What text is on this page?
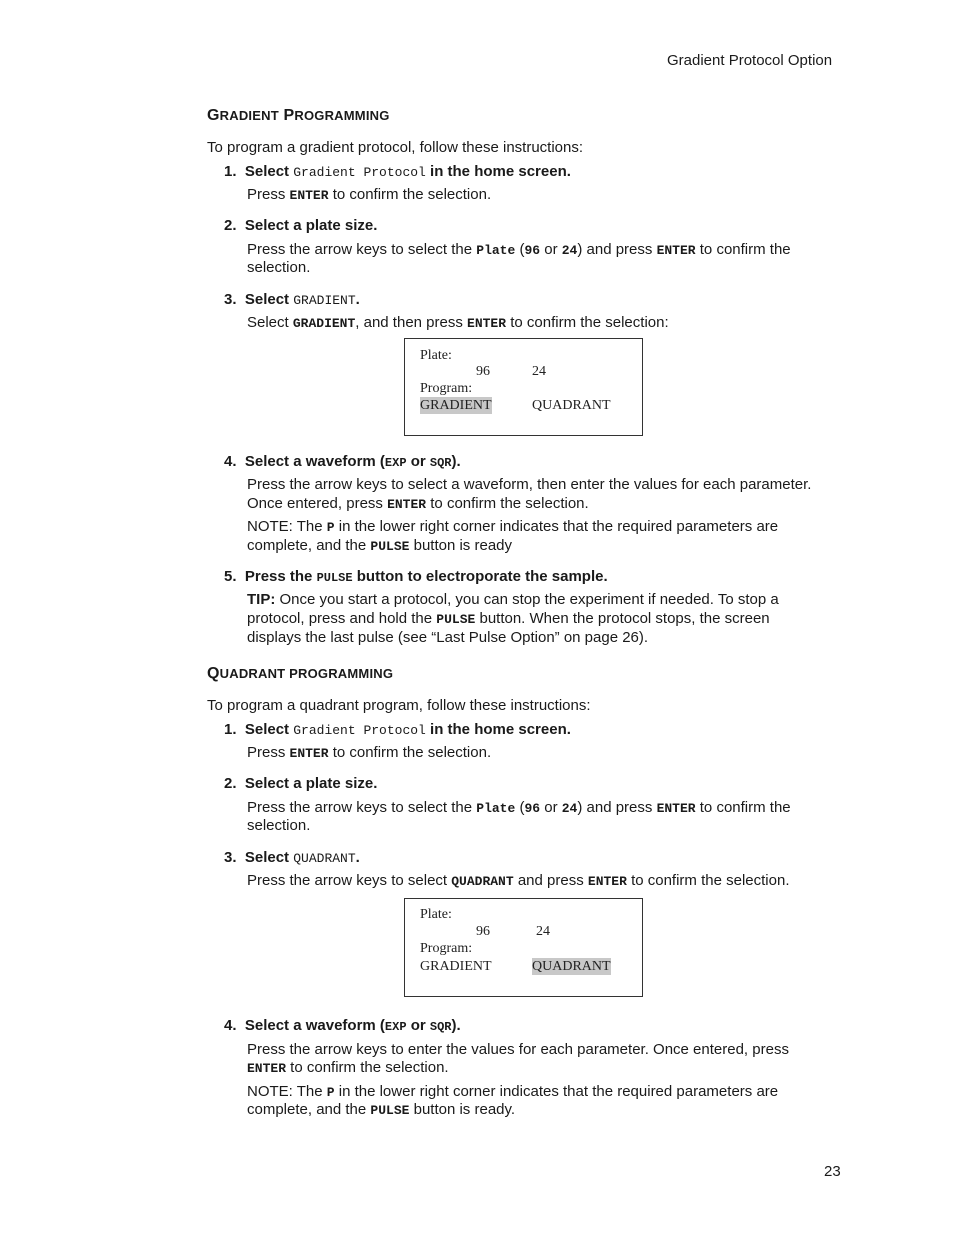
Gradient Protocol Option
GRADIENT PROGRAMMING
To program a gradient protocol, follow these instructions:
1. Select Gradient Protocol in the home screen.
Press ENTER to confirm the selection.
2. Select a plate size.
Press the arrow keys to select the Plate (96 or 24) and press ENTER to confirm the
selection.
3. Select GRADIENT.
Select GRADIENT, and then press ENTER to confirm the selection:
Plate:
96	24
Program:
GRADIENT	QUADRANT
4. Select a waveform (EXP or SQR).
Press the arrow keys to select a waveform, then enter the values for each parameter.
Once entered, press ENTER to confirm the selection.
NOTE: The P in the lower right corner indicates that the required parameters are
complete, and the PULSE button is ready
5. Press the PULSE button to electroporate the sample.
TIP: Once you start a protocol, you can stop the experiment if needed. To stop a
protocol, press and hold the PULSE button. When the protocol stops, the screen
displays the last pulse (see “Last Pulse Option” on page 26).
QUADRANT PROGRAMMING
To program a quadrant program, follow these instructions:
1. Select Gradient Protocol in the home screen.
Press ENTER to confirm the selection.
2. Select a plate size.
Press the arrow keys to select the Plate (96 or 24) and press ENTER to confirm the
selection.
3. Select QUADRANT.
Press the arrow keys to select QUADRANT and press ENTER to confirm the selection.
Plate:
96	24
Program:
GRADIENT	QUADRANT
4. Select a waveform (EXP or SQR).
Press the arrow keys to enter the values for each parameter. Once entered, press
ENTER to confirm the selection.
NOTE: The P in the lower right corner indicates that the required parameters are
complete, and the PULSE button is ready.
23
